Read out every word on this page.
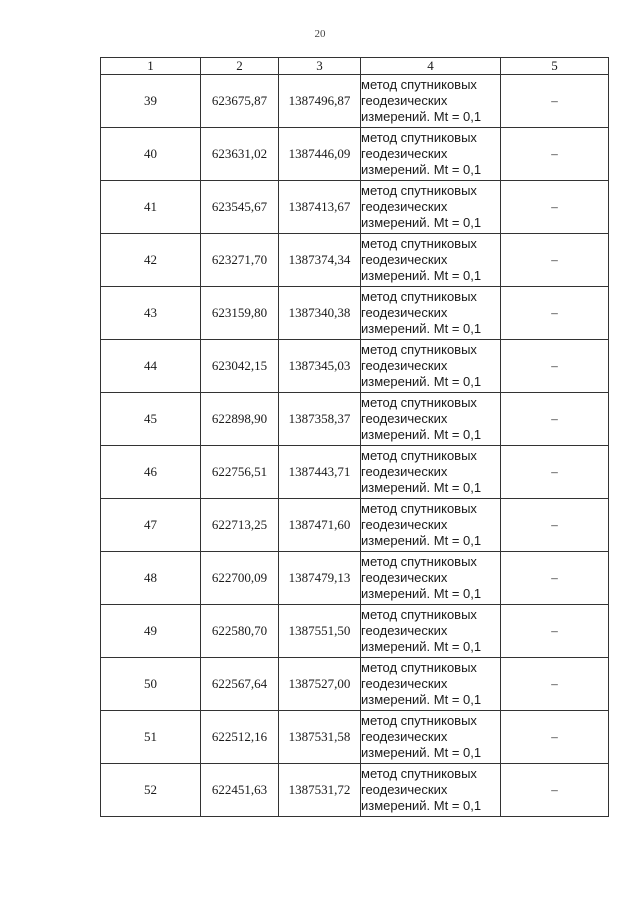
20
1	2	3	4	5
39	623675,87	1387496,87	метод спутниковых
геодезических
измерений. Mt = 0,1	–
40	623631,02	1387446,09	метод спутниковых
геодезических
измерений. Mt = 0,1	–
41	623545,67	1387413,67	метод спутниковых
геодезических
измерений. Mt = 0,1	–
42	623271,70	1387374,34	метод спутниковых
геодезических
измерений. Mt = 0,1	–
43	623159,80	1387340,38	метод спутниковых
геодезических
измерений. Mt = 0,1	–
44	623042,15	1387345,03	метод спутниковых
геодезических
измерений. Mt = 0,1	–
45	622898,90	1387358,37	метод спутниковых
геодезических
измерений. Mt = 0,1	–
46	622756,51	1387443,71	метод спутниковых
геодезических
измерений. Mt = 0,1	–
47	622713,25	1387471,60	метод спутниковых
геодезических
измерений. Mt = 0,1	–
48	622700,09	1387479,13	метод спутниковых
геодезических
измерений. Mt = 0,1	–
49	622580,70	1387551,50	метод спутниковых
геодезических
измерений. Mt = 0,1	–
50	622567,64	1387527,00	метод спутниковых
геодезических
измерений. Mt = 0,1	–
51	622512,16	1387531,58	метод спутниковых
геодезических
измерений. Mt = 0,1	–
52	622451,63	1387531,72	метод спутниковых
геодезических
измерений. Mt = 0,1	–
